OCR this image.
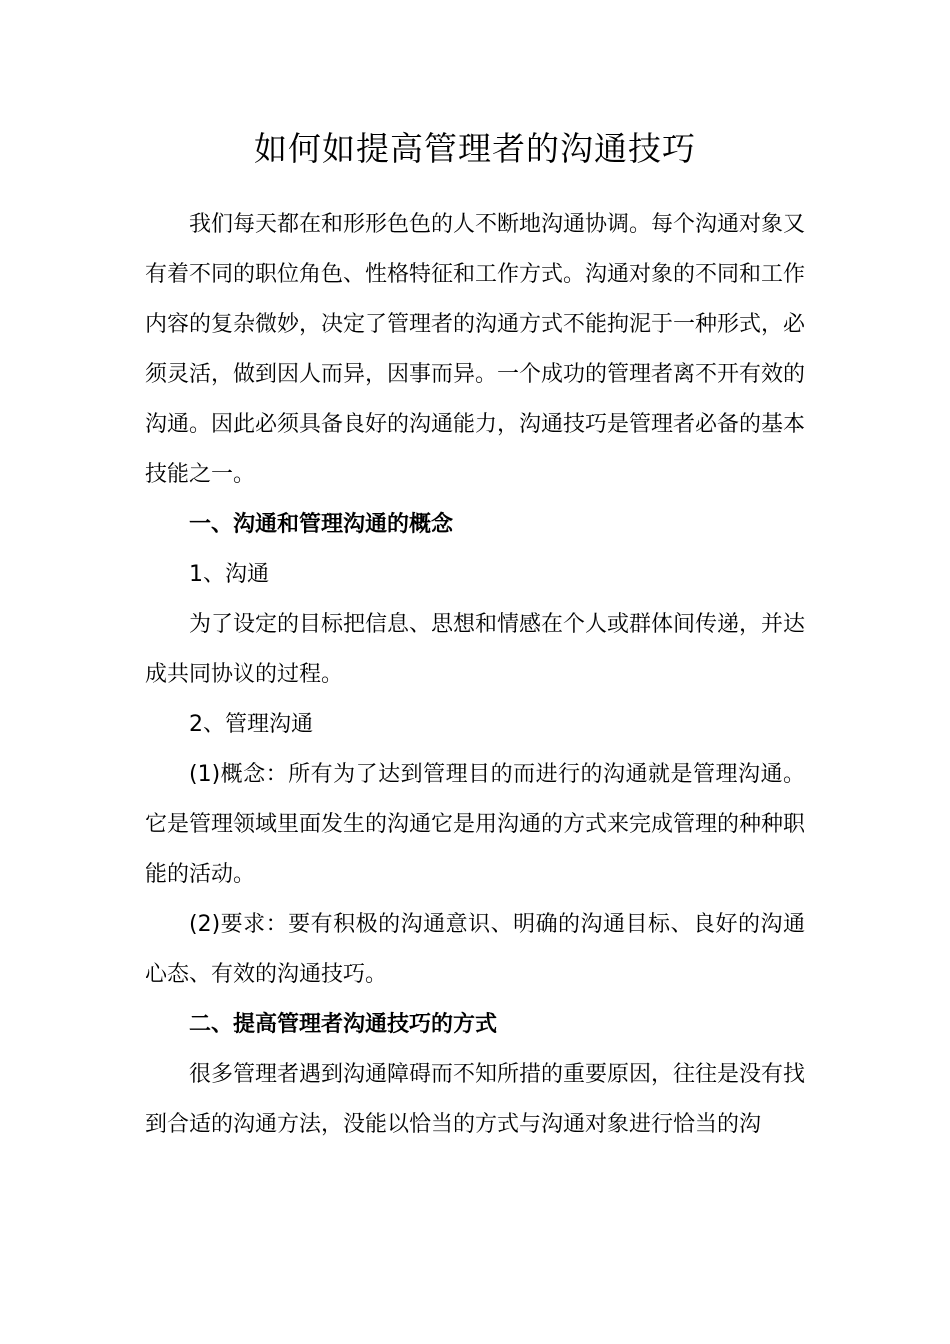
如何如提高管理者的沟通技巧

我们每天都在和形形色色的人不断地沟通协调。每个沟通对象又有着不同的职位角色、性格特征和工作方式。沟通对象的不同和工作内容的复杂微妙，决定了管理者的沟通方式不能拘泥于一种形式，必须灵活，做到因人而异，因事而异。一个成功的管理者离不开有效的沟通。因此必须具备良好的沟通能力，沟通技巧是管理者必备的基本技能之一。

一、沟通和管理沟通的概念

1、沟通

为了设定的目标把信息、思想和情感在个人或群体间传递，并达成共同协议的过程。

2、管理沟通

(1)概念：所有为了达到管理目的而进行的沟通就是管理沟通。它是管理领域里面发生的沟通它是用沟通的方式来完成管理的种种职能的活动。

(2)要求：要有积极的沟通意识、明确的沟通目标、良好的沟通心态、有效的沟通技巧。

二、提高管理者沟通技巧的方式

很多管理者遇到沟通障碍而不知所措的重要原因，往往是没有找到合适的沟通方法，没能以恰当的方式与沟通对象进行恰当的沟
